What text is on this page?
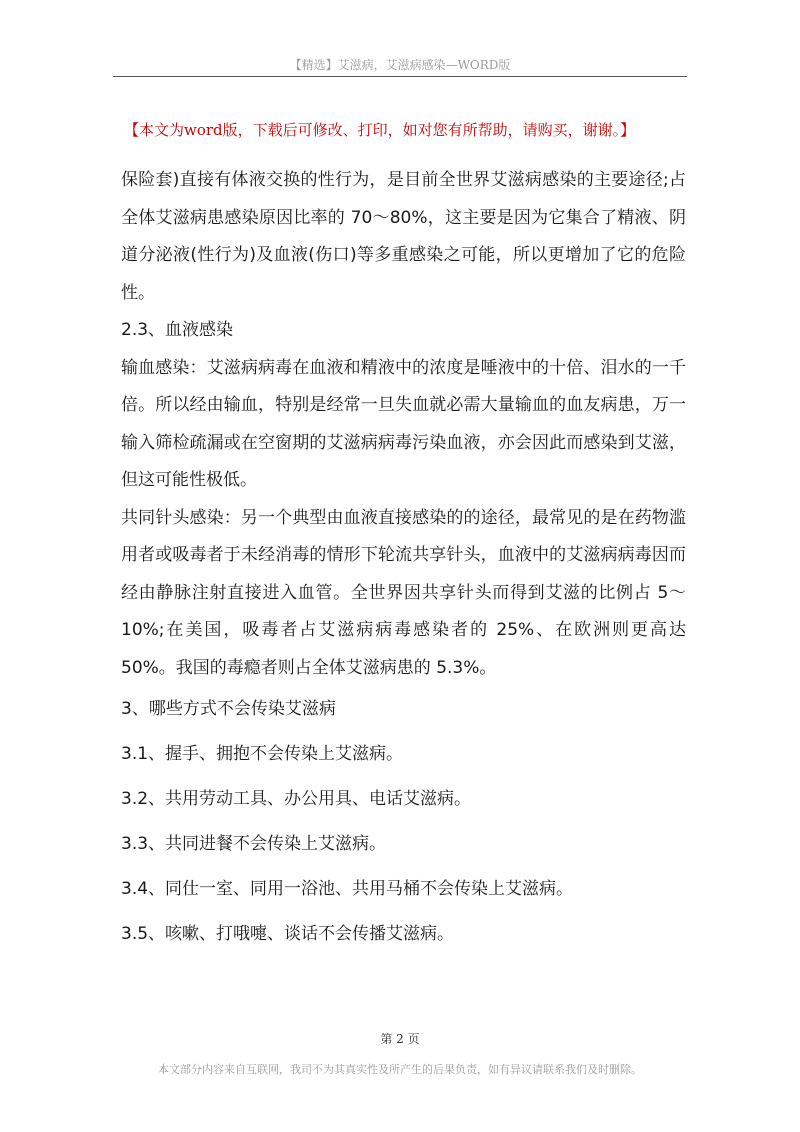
【精选】艾滋病，艾滋病感染—WORD版
【本文为word版，下载后可修改、打印，如对您有所帮助，请购买，谢谢。】

保险套)直接有体液交换的性行为，是目前全世界艾滋病感染的主要途径;占全体艾滋病患感染原因比率的 70～80%，这主要是因为它集合了精液、阴道分泌液(性行为)及血液(伤口)等多重感染之可能，所以更增加了它的危险性。

2.3、血液感染

输血感染：艾滋病病毒在血液和精液中的浓度是唾液中的十倍、泪水的一千倍。所以经由输血，特别是经常一旦失血就必需大量输血的血友病患，万一输入筛检疏漏或在空窗期的艾滋病病毒污染血液，亦会因此而感染到艾滋，但这可能性极低。

共同针头感染：另一个典型由血液直接感染的的途径，最常见的是在药物滥用者或吸毒者于未经消毒的情形下轮流共享针头，血液中的艾滋病病毒因而经由静脉注射直接进入血管。全世界因共享针头而得到艾滋的比例占 5～10%;在美国，吸毒者占艾滋病病毒感染者的 25%、在欧洲则更高达 50%。我国的毒瘾者则占全体艾滋病患的 5.3%。

3、哪些方式不会传染艾滋病

3.1、握手、拥抱不会传染上艾滋病。

3.2、共用劳动工具、办公用具、电话艾滋病。

3.3、共同进餐不会传染上艾滋病。

3.4、同仕一室、同用一浴池、共用马桶不会传染上艾滋病。

3.5、咳嗽、打哦嚏、谈话不会传播艾滋病。

第 2 页
本文部分内容来自互联网，我司不为其真实性及所产生的后果负责，如有异议请联系我们及时删除。
